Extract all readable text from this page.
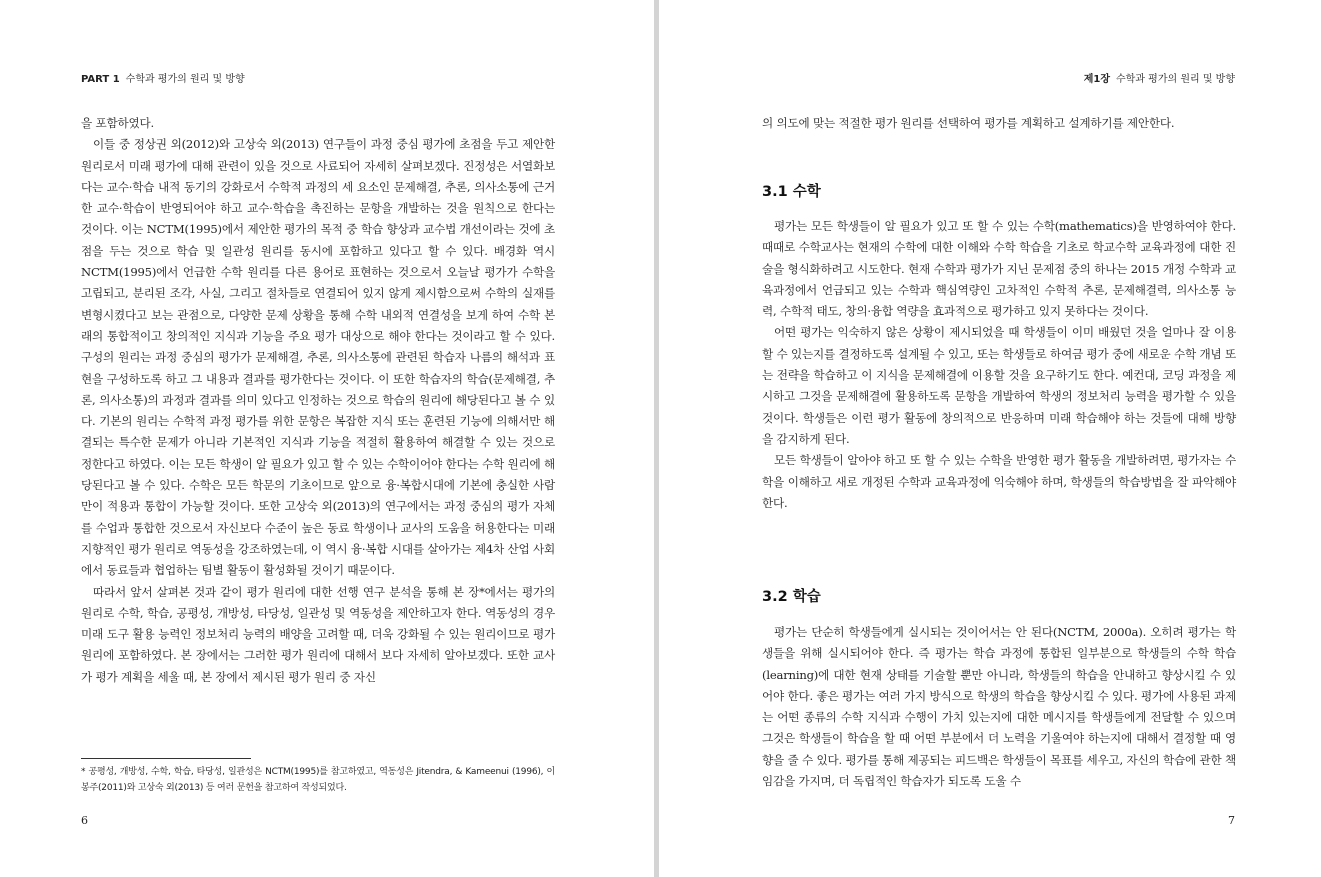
PART 1 수학과 평가의 원리 및 방향

을 포함하였다.

이들 중 정상권 외(2012)와 고상숙 외(2013) 연구들이 과정 중심 평가에 초점을 두고 제안한 원리로서 미래 평가에 대해 관련이 있을 것으로 사료되어 자세히 살펴보겠다. 진정성은 서열화보다는 교수·학습 내적 동기의 강화로서 수학적 과정의 세 요소인 문제해결, 추론, 의사소통에 근거한 교수·학습이 반영되어야 하고 교수·학습을 촉진하는 문항을 개발하는 것을 원칙으로 한다는 것이다. 이는 NCTM(1995)에서 제안한 평가의 목적 중 학습 향상과 교수법 개선이라는 것에 초점을 두는 것으로 학습 및 일관성 원리를 동시에 포함하고 있다고 할 수 있다. 배경화 역시 NCTM(1995)에서 언급한 수학 원리를 다른 용어로 표현하는 것으로서 오늘날 평가가 수학을 고립되고, 분리된 조각, 사실, 그리고 절차들로 연결되어 있지 않게 제시함으로써 수학의 실재를 변형시켰다고 보는 관점으로, 다양한 문제 상황을 통해 수학 내외적 연결성을 보게 하여 수학 본래의 통합적이고 창의적인 지식과 기능을 주요 평가 대상으로 해야 한다는 것이라고 할 수 있다. 구성의 원리는 과정 중심의 평가가 문제해결, 추론, 의사소통에 관련된 학습자 나름의 해석과 표현을 구성하도록 하고 그 내용과 결과를 평가한다는 것이다. 이 또한 학습자의 학습(문제해결, 추론, 의사소통)의 과정과 결과를 의미 있다고 인정하는 것으로 학습의 원리에 해당된다고 볼 수 있다. 기본의 원리는 수학적 과정 평가를 위한 문항은 복잡한 지식 또는 훈련된 기능에 의해서만 해결되는 특수한 문제가 아니라 기본적인 지식과 기능을 적절히 활용하여 해결할 수 있는 것으로 정한다고 하였다. 이는 모든 학생이 알 필요가 있고 할 수 있는 수학이어야 한다는 수학 원리에 해당된다고 볼 수 있다. 수학은 모든 학문의 기초이므로 앞으로 융·복합시대에 기본에 충실한 사람만이 적용과 통합이 가능할 것이다. 또한 고상숙 외(2013)의 연구에서는 과정 중심의 평가 자체를 수업과 통합한 것으로서 자신보다 수준이 높은 동료 학생이나 교사의 도움을 허용한다는 미래 지향적인 평가 원리로 역동성을 강조하였는데, 이 역시 융·복합 시대를 살아가는 제4차 산업 사회에서 동료들과 협업하는 팀별 활동이 활성화될 것이기 때문이다.

따라서 앞서 살펴본 것과 같이 평가 원리에 대한 선행 연구 분석을 통해 본 장*에서는 평가의 원리로 수학, 학습, 공평성, 개방성, 타당성, 일관성 및 역동성을 제안하고자 한다. 역동성의 경우 미래 도구 활용 능력인 정보처리 능력의 배양을 고려할 때, 더욱 강화될 수 있는 원리이므로 평가 원리에 포함하였다. 본 장에서는 그러한 평가 원리에 대해서 보다 자세히 알아보겠다. 또한 교사가 평가 계획을 세울 때, 본 장에서 제시된 평가 원리 중 자신

* 공평성, 개방성, 수학, 학습, 타당성, 일관성은 NCTM(1995)를 참고하였고, 역동성은 Jitendra, & Kameenui (1996), 이봉주(2011)와 고상숙 외(2013) 등 여러 문헌을 참고하여 작성되었다.
6
제1장 수학과 평가의 원리 및 방향

의 의도에 맞는 적절한 평가 원리를 선택하여 평가를 계획하고 설계하기를 제안한다.

3.1 수학

평가는 모든 학생들이 알 필요가 있고 또 할 수 있는 수학(mathematics)을 반영하여야 한다. 때때로 수학교사는 현재의 수학에 대한 이해와 수학 학습을 기초로 학교수학 교육과정에 대한 진술을 형식화하려고 시도한다. 현재 수학과 평가가 지닌 문제점 중의 하나는 2015 개정 수학과 교육과정에서 언급되고 있는 수학과 핵심역량인 고차적인 수학적 추론, 문제해결력, 의사소통 능력, 수학적 태도, 창의·융합 역량을 효과적으로 평가하고 있지 못하다는 것이다.

어떤 평가는 익숙하지 않은 상황이 제시되었을 때 학생들이 이미 배웠던 것을 얼마나 잘 이용할 수 있는지를 결정하도록 설계될 수 있고, 또는 학생들로 하여금 평가 중에 새로운 수학 개념 또는 전략을 학습하고 이 지식을 문제해결에 이용할 것을 요구하기도 한다. 예컨대, 코딩 과정을 제시하고 그것을 문제해결에 활용하도록 문항을 개발하여 학생의 정보처리 능력을 평가할 수 있을 것이다. 학생들은 이런 평가 활동에 창의적으로 반응하며 미래 학습해야 하는 것들에 대해 방향을 감지하게 된다.

모든 학생들이 알아야 하고 또 할 수 있는 수학을 반영한 평가 활동을 개발하려면, 평가자는 수학을 이해하고 새로 개정된 수학과 교육과정에 익숙해야 하며, 학생들의 학습방법을 잘 파악해야 한다.

3.2 학습

평가는 단순히 학생들에게 실시되는 것이어서는 안 된다(NCTM, 2000a). 오히려 평가는 학생들을 위해 실시되어야 한다. 즉 평가는 학습 과정에 통합된 일부분으로 학생들의 수학 학습(learning)에 대한 현재 상태를 기술할 뿐만 아니라, 학생들의 학습을 안내하고 향상시킬 수 있어야 한다. 좋은 평가는 여러 가지 방식으로 학생의 학습을 향상시킬 수 있다. 평가에 사용된 과제는 어떤 종류의 수학 지식과 수행이 가치 있는지에 대한 메시지를 학생들에게 전달할 수 있으며 그것은 학생들이 학습을 할 때 어떤 부분에서 더 노력을 기울여야 하는지에 대해서 결정할 때 영향을 줄 수 있다. 평가를 통해 제공되는 피드백은 학생들이 목표를 세우고, 자신의 학습에 관한 책임감을 가지며, 더 독립적인 학습자가 되도록 도울 수

7
